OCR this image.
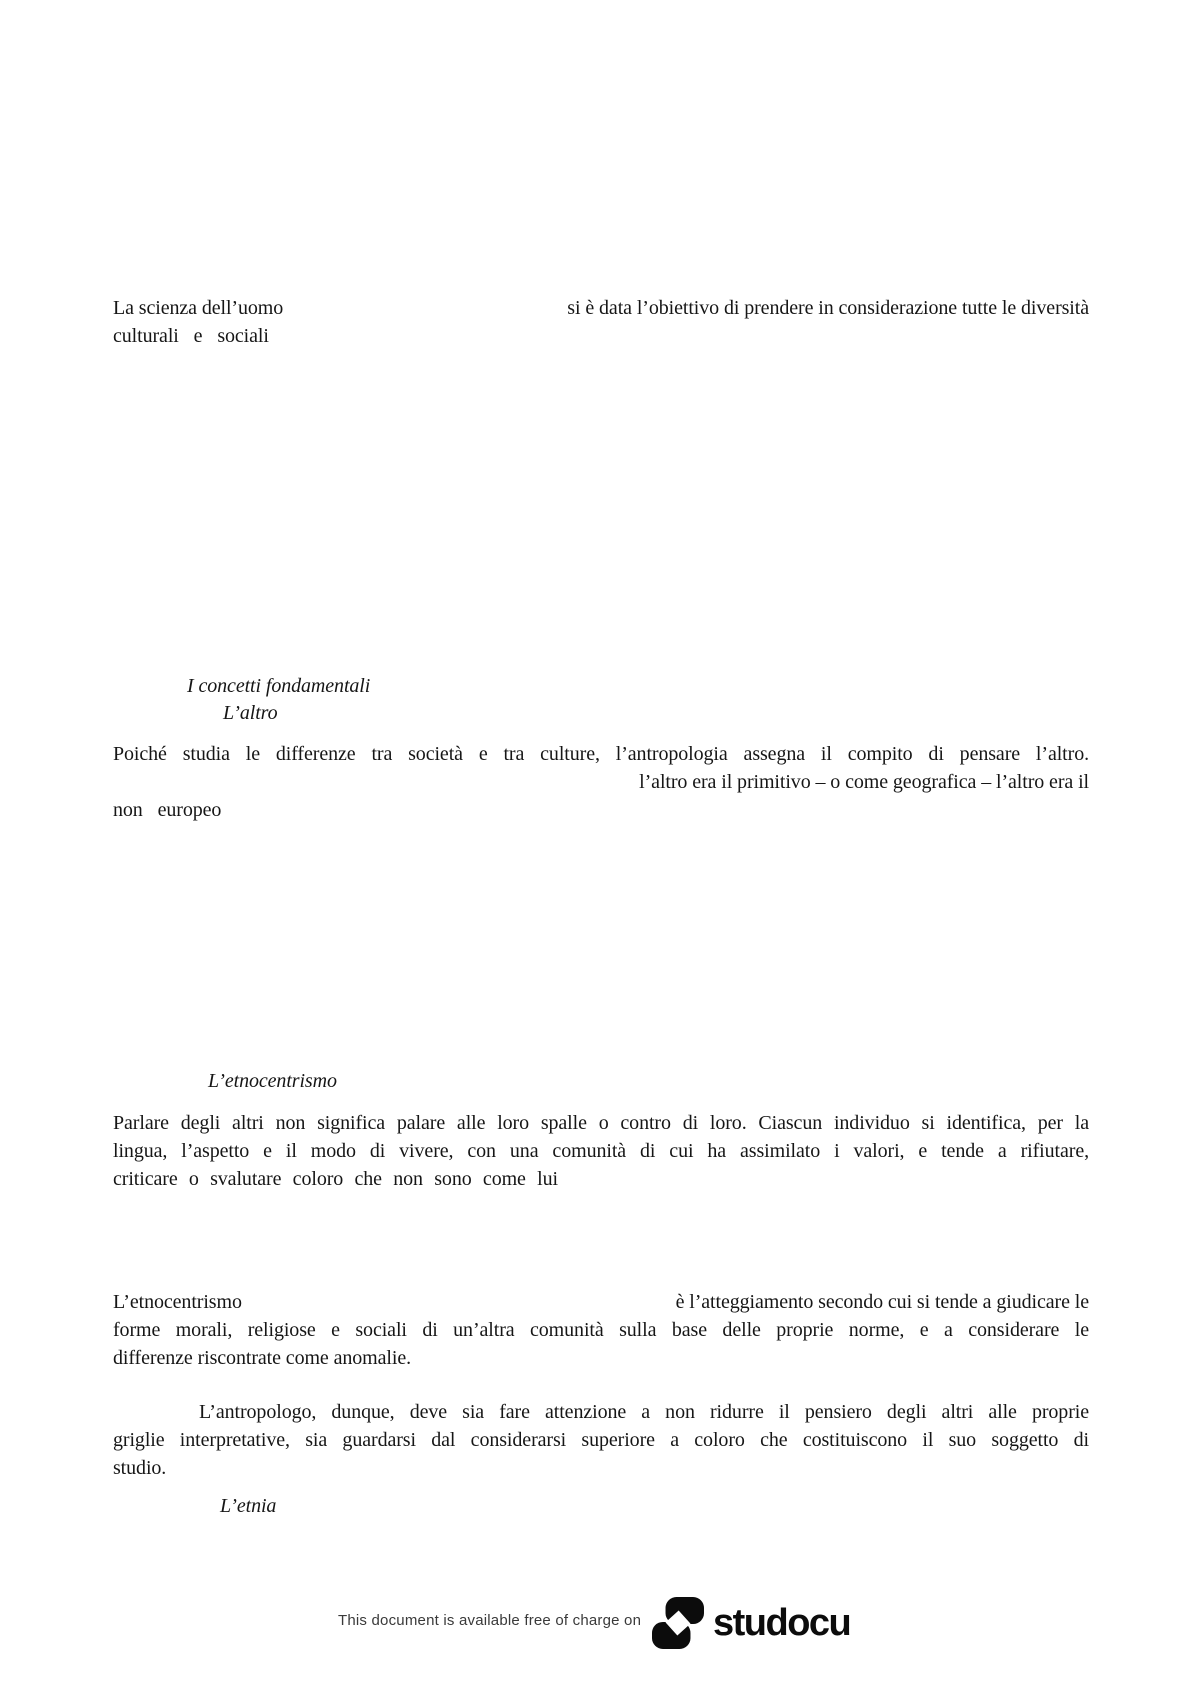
La scienza dell’uomo	si è data l’obiettivo di prendere in considerazione tutte le diversità
culturali e sociali
I concetti fondamentali
L’altro
Poiché studia le differenze tra società e tra culture, l’antropologia assegna il compito di pensare l’altro.
l’altro era il primitivo – o come geografica – l’altro era il
non europeo
L’etnocentrismo
Parlare degli altri non significa palare alle loro spalle o contro di loro. Ciascun individuo si identifica, per la
lingua, l’aspetto e il modo di vivere, con una comunità di cui ha assimilato i valori, e tende a rifiutare,
criticare o svalutare coloro che non sono come lui
L’etnocentrismo	è l’atteggiamento secondo cui si tende a giudicare le
forme morali, religiose e sociali di un’altra comunità sulla base delle proprie norme, e a considerare le
differenze riscontrate come anomalie.
L’antropologo, dunque, deve sia fare attenzione a non ridurre il pensiero degli altri alle proprie
griglie interpretative, sia guardarsi dal considerarsi superiore a coloro che costituiscono il suo soggetto di
studio.
L’etnia
This document is available free of charge on studocu
